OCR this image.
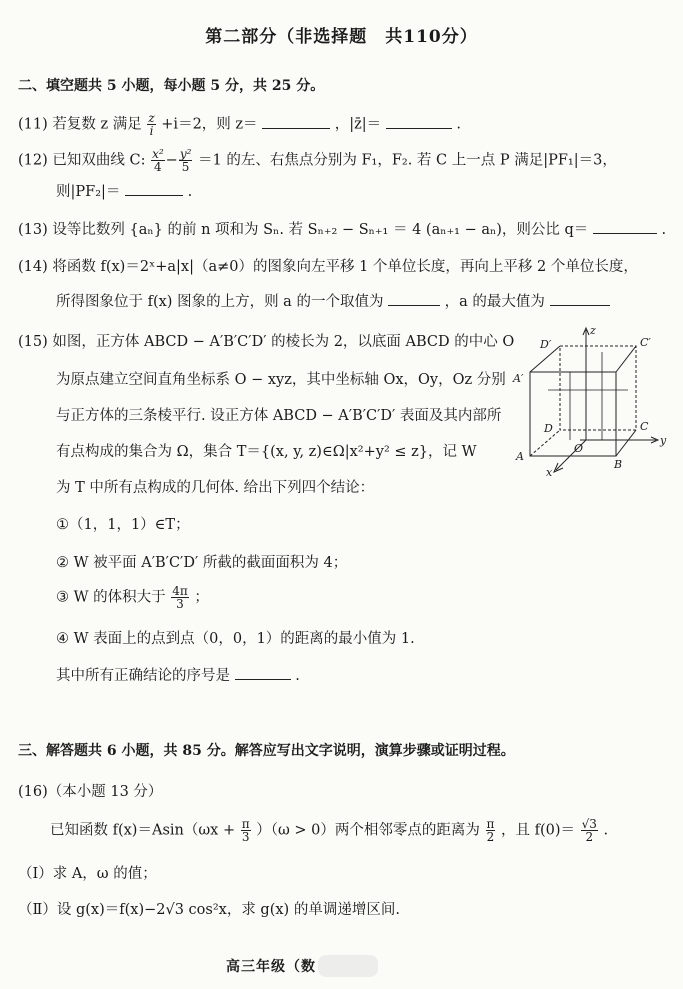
第二部分（非选择题　共110分）
二、填空题共 5 小题，每小题 5 分，共 25 分。
(11) 若复数 z 满足 $\frac{z}{i} +i=2$，则 z＝	，|z̄|＝	.
(12) 已知双曲线 C: $\frac{\text{x²}}{4} - \frac{\text{y²}}{5} =1$ 的左、右焦点分别为 F₁，F₂. 若 C 上一点 P 满足|PF₁|＝3，
则|PF₂|＝	.
(13) 设等比数列 {aₙ} 的前 n 项和为 Sₙ. 若 Sₙ₊₂ − Sₙ₊₁ ＝ 4 (aₙ₊₁ − aₙ)，则公比 q＝	.
(14) 将函数 f(x)＝2ˣ+a|x|（a≠0）的图象向左平移 1 个单位长度，再向上平移 2 个单位长度，
所得图象位于 f(x) 图象的上方，则 a 的一个取值为	，a 的最大值为
(15) 如图，正方体 ABCD − A′B′C′D′ 的棱长为 2，以底面 ABCD 的中心 O
为原点建立空间直角坐标系 O − xyz，其中坐标轴 Ox，Oy，Oz 分别
与正方体的三条棱平行. 设正方体 ABCD − A′B′C′D′ 表面及其内部所
有点构成的集合为 Ω，集合 T＝{(x, y, z)∈Ω|x²+y² ≤ z}，记 W
为 T 中所有点构成的几何体. 给出下列四个结论：
①（1，1，1）∈T；
② W 被平面 A′B′C′D′ 所截的截面面积为 4；
③ W 的体积大于 $\frac{4\pi}{3}$ ；
④ W 表面上的点到点（0，0，1）的距离的最小值为 1.
其中所有正确结论的序号是	.
z
y
x
A
B
C
D
A′
C′
D′
O
三、解答题共 6 小题，共 85 分。解答应写出文字说明，演算步骤或证明过程。
(16)（本小题 13 分）
已知函数 $f(x)=Asin(\omega x + \frac{\pi}{3} )(\omega > 0)$两个相邻零点的距离为 $\frac{\pi}{2}$ ，且 $f(0)= \frac{√3}{2}$ .
（Ⅰ）求 A，ω 的值；
（Ⅱ）设 g(x)＝f(x)−2√3 cos²x，求 g(x) 的单调递增区间.
高三年级（数
